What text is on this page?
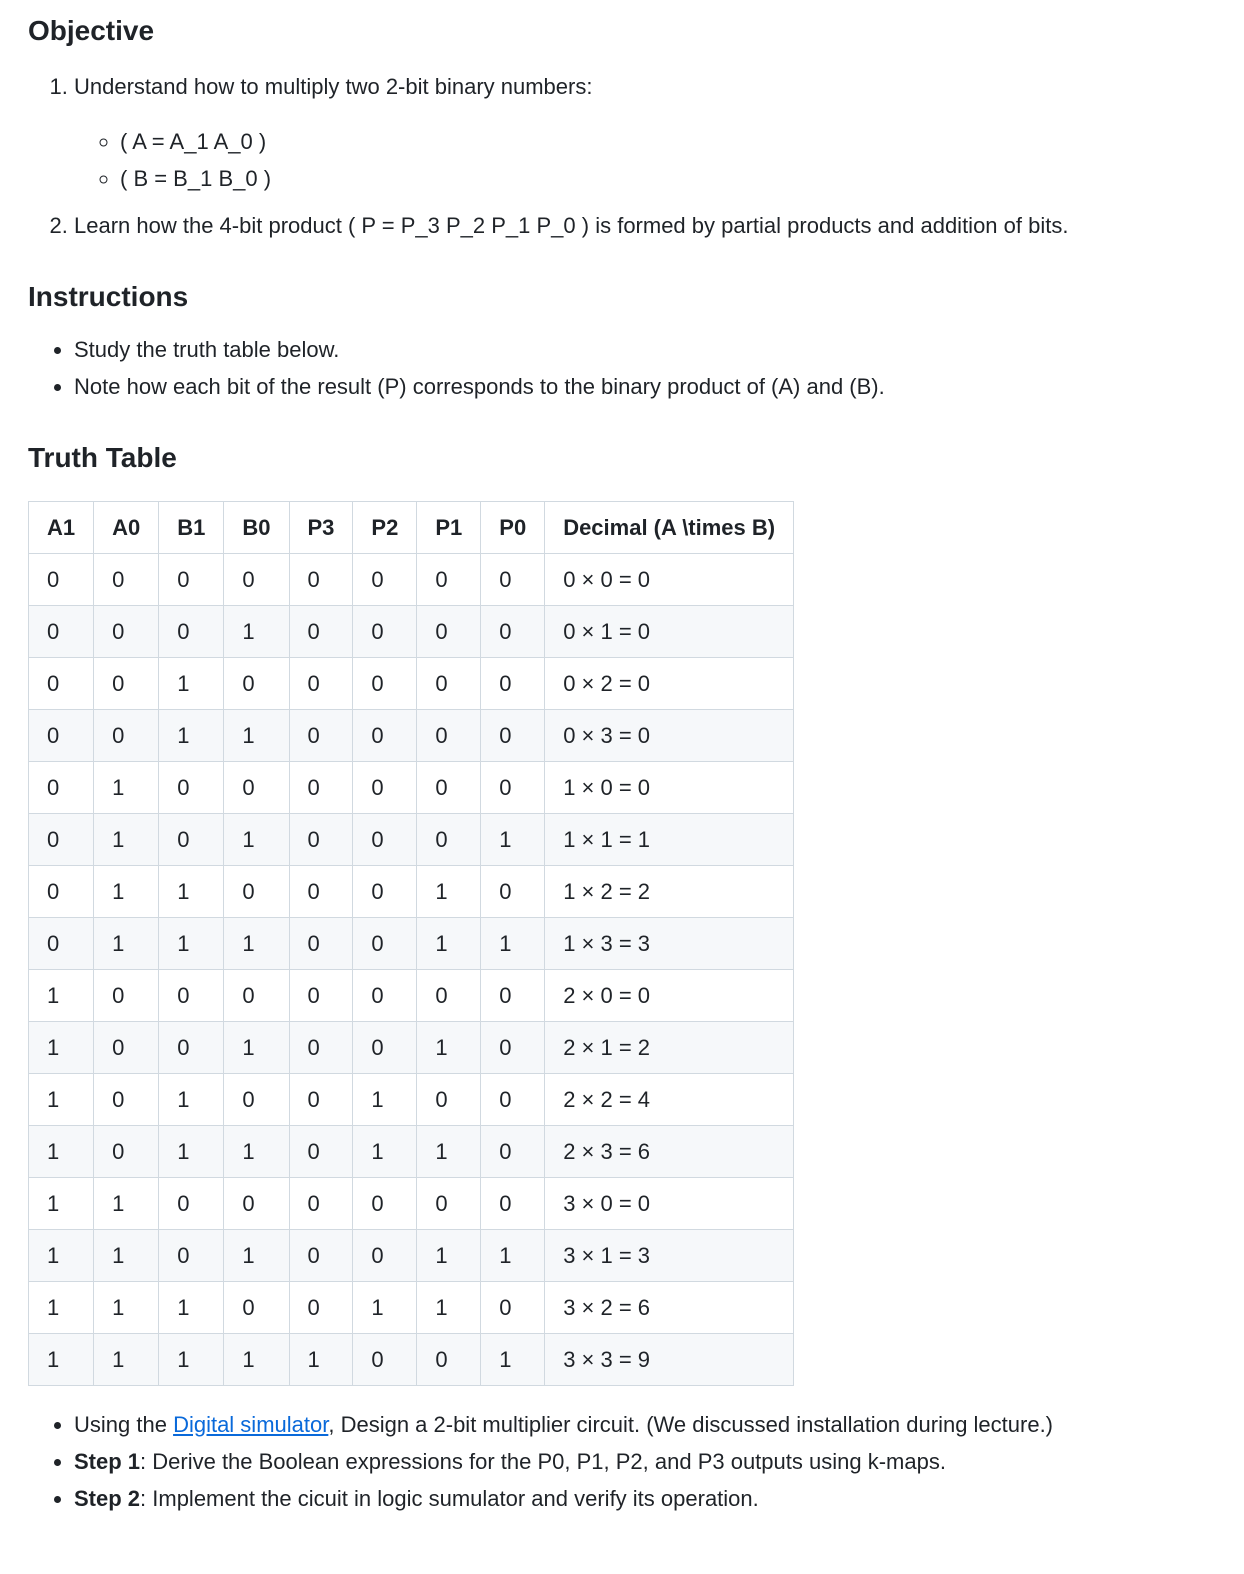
Objective
1. Understand how to multiply two 2-bit binary numbers:
◦ ( A = A_1 A_0 )
◦ ( B = B_1 B_0 )
2. Learn how the 4-bit product ( P = P_3 P_2 P_1 P_0 ) is formed by partial products and addition of bits.
Instructions
• Study the truth table below.
• Note how each bit of the result (P) corresponds to the binary product of (A) and (B).
Truth Table
A1	A0	B1	B0	P3	P2	P1	P0	Decimal (A \times B)
0	0	0	0	0	0	0	0	0 × 0 = 0
0	0	0	1	0	0	0	0	0 × 1 = 0
0	0	1	0	0	0	0	0	0 × 2 = 0
0	0	1	1	0	0	0	0	0 × 3 = 0
0	1	0	0	0	0	0	0	1 × 0 = 0
0	1	0	1	0	0	0	1	1 × 1 = 1
0	1	1	0	0	0	1	0	1 × 2 = 2
0	1	1	1	0	0	1	1	1 × 3 = 3
1	0	0	0	0	0	0	0	2 × 0 = 0
1	0	0	1	0	0	1	0	2 × 1 = 2
1	0	1	0	0	1	0	0	2 × 2 = 4
1	0	1	1	0	1	1	0	2 × 3 = 6
1	1	0	0	0	0	0	0	3 × 0 = 0
1	1	0	1	0	0	1	1	3 × 1 = 3
1	1	1	0	0	1	1	0	3 × 2 = 6
1	1	1	1	1	0	0	1	3 × 3 = 9
• Using the Digital simulator, Design a 2-bit multiplier circuit. (We discussed installation during lecture.)
• Step 1: Derive the Boolean expressions for the P0, P1, P2, and P3 outputs using k-maps.
• Step 2: Implement the cicuit in logic sumulator and verify its operation.
